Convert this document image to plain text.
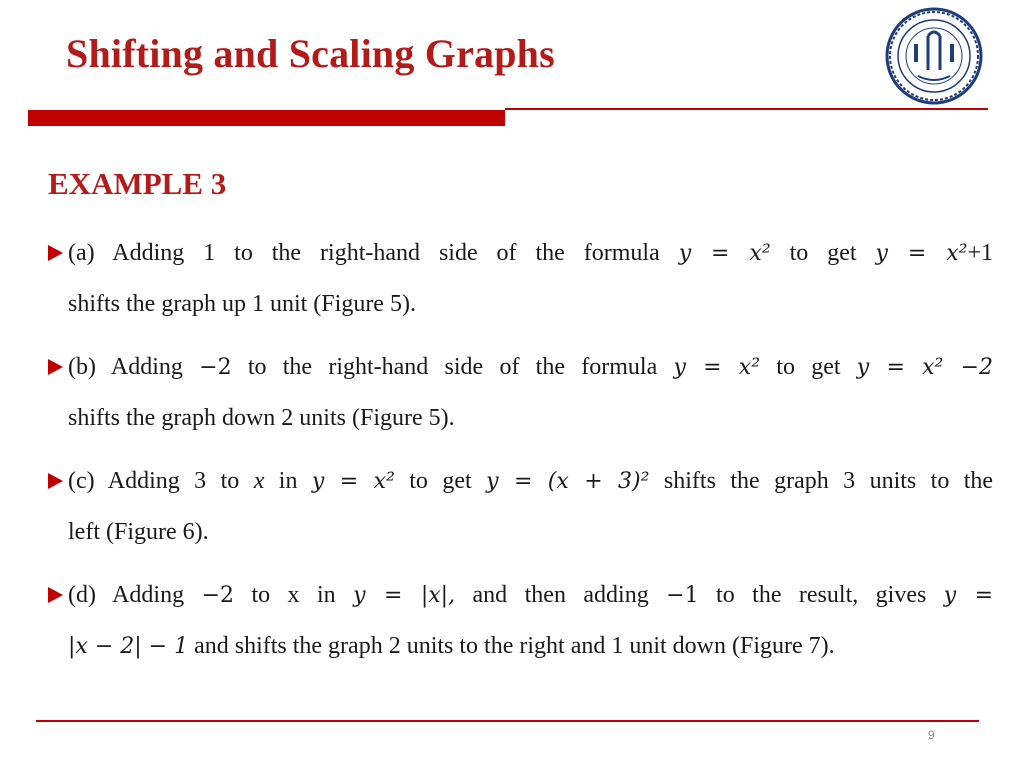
Shifting and Scaling Graphs
EXAMPLE 3

(a) Adding 1 to the right-hand side of the formula y = x² to get y = x²+1

shifts the graph up 1 unit (Figure 5).

(b) Adding −2 to the right-hand side of the formula y = x² to get y = x² −2

shifts the graph down 2 units (Figure 5).

(c) Adding 3 to x in y = x² to get y = (x + 3)² shifts the graph 3 units to the

left (Figure 6).

(d) Adding −2 to x in y = |x|, and then adding −1 to the result, gives y =

|x − 2| − 1 and shifts the graph 2 units to the right and 1 unit down (Figure 7).

9
